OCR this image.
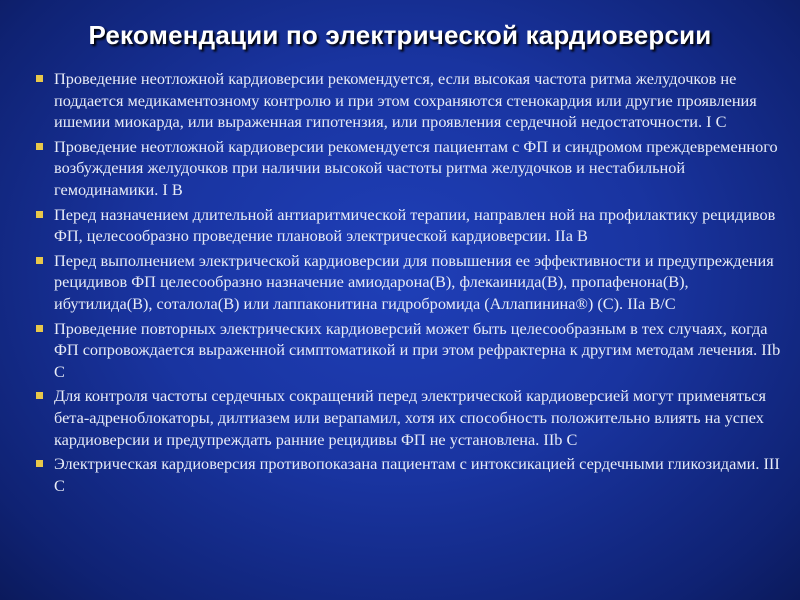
Рекомендации по электрической кардиоверсии
Проведение неотложной кардиоверсии рекомендуется, если высокая частота ритма желудочков не поддается медикаментозному контролю и при этом сохраняются стенокардия или другие проявления ишемии миокарда, или выраженная гипотензия, или проявления сердечной недостаточности. I C
Проведение неотложной кардиоверсии рекомендуется пациентам с ФП и синдромом преждевременного возбуждения желудочков при наличии высокой частоты ритма желудочков и нестабильной гемодинамики. I B
Перед назначением длительной антиаритмической терапии, направлен ной на профилактику рецидивов ФП, целесообразно проведение плановой электрической кардиоверсии. IIa B
Перед выполнением электрической кардиоверсии для повышения ее эффективности и предупреждения рецидивов ФП целесообразно назначение амиодарона(В), флекаинида(В), пропафенона(В), ибутилида(В), соталола(В) или лаппаконитина гидробромида (Аллапинина®) (С). IIa B/C
Проведение повторных электрических кардиоверсий может быть целесообразным в тех случаях, когда ФП сопровождается выраженной симптоматикой и при этом рефрактерна к другим методам лечения. IIb C
Для контроля частоты сердечных сокращений перед электрической кардиоверсией могут применяться бета-адреноблокаторы, дилтиазем или верапамил, хотя их способность положительно влиять на успех кардиоверсии и предупреждать ранние рецидивы ФП не установлена. IIb C
Электрическая кардиоверсия противопоказана пациентам с интоксикацией сердечными гликозидами. III C
